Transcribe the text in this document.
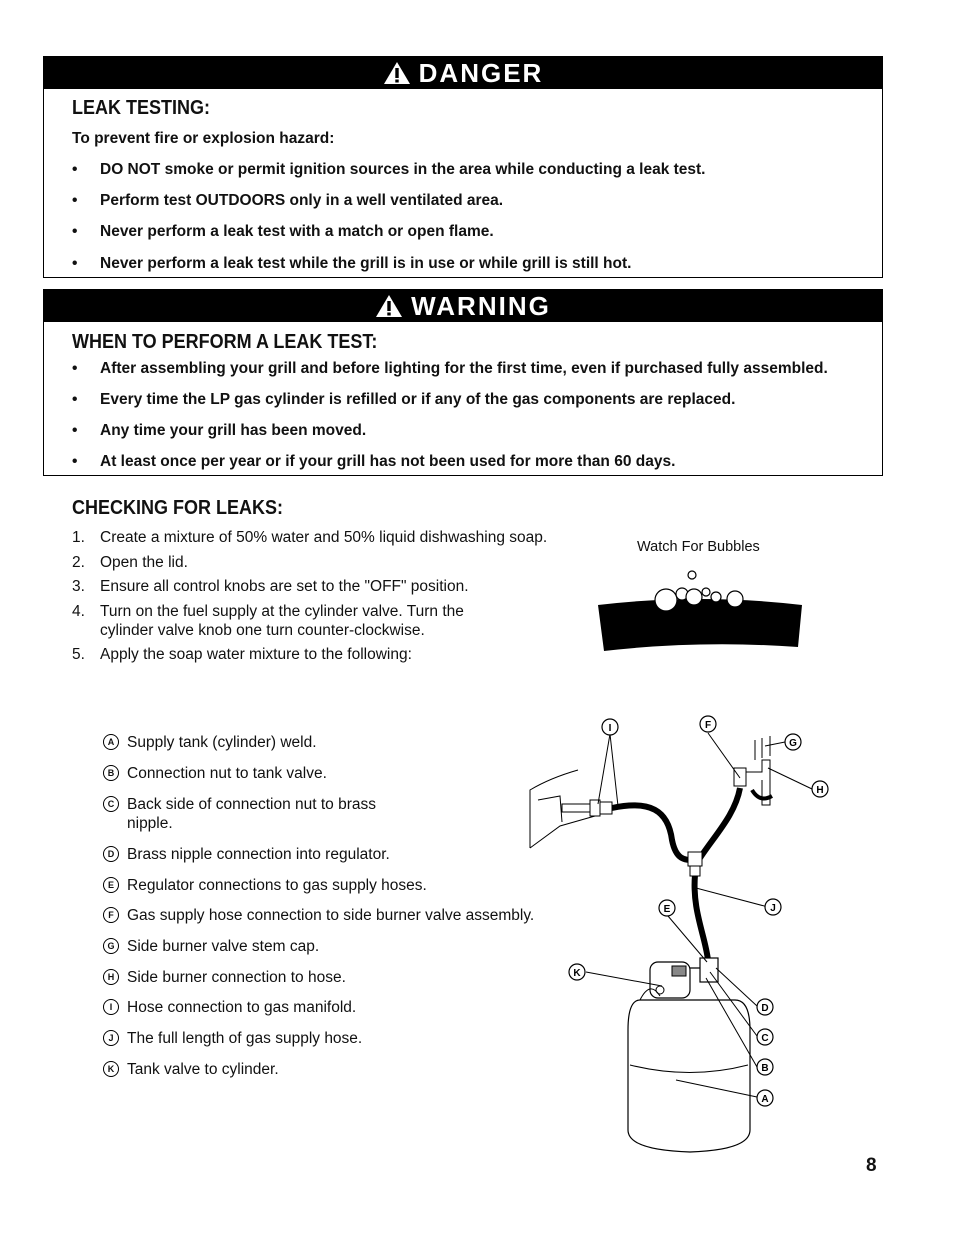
DANGER
LEAK TESTING:
To prevent fire or explosion hazard:
• DO NOT smoke or permit ignition sources in the area while conducting a leak test.
• Perform test OUTDOORS only in a well ventilated area.
• Never perform a leak test with a match or open flame.
• Never perform a leak test while the grill is in use or while grill is still hot.
WARNING
WHEN TO PERFORM A LEAK TEST:
• After assembling your grill and before lighting for the first time, even if purchased fully assembled.
• Every time the LP gas cylinder is refilled or if any of the gas components are replaced.
• Any time your grill has been moved.
• At least once per year or if your grill has not been used for more than 60 days.
CHECKING FOR LEAKS:
1. Create a mixture of 50% water and 50% liquid dishwashing soap.
2. Open the lid.
3. Ensure all control knobs are set to the "OFF" position.
4. Turn on the fuel supply at the cylinder valve. Turn the
cylinder valve knob one turn counter-clockwise.
5. Apply the soap water mixture to the following:
Watch For Bubbles
A Supply tank (cylinder) weld.
B Connection nut to tank valve.
C Back side of connection nut to brass
nipple.
D Brass nipple connection into regulator.
E Regulator connections to gas supply hoses.
F Gas supply hose connection to side burner valve assembly.
G Side burner valve stem cap.
H Side burner connection to hose.
I Hose connection to gas manifold.
J The full length of gas supply hose.
K Tank valve to cylinder.
I	F
G
H
E	J
K
D
C
B
A
8
